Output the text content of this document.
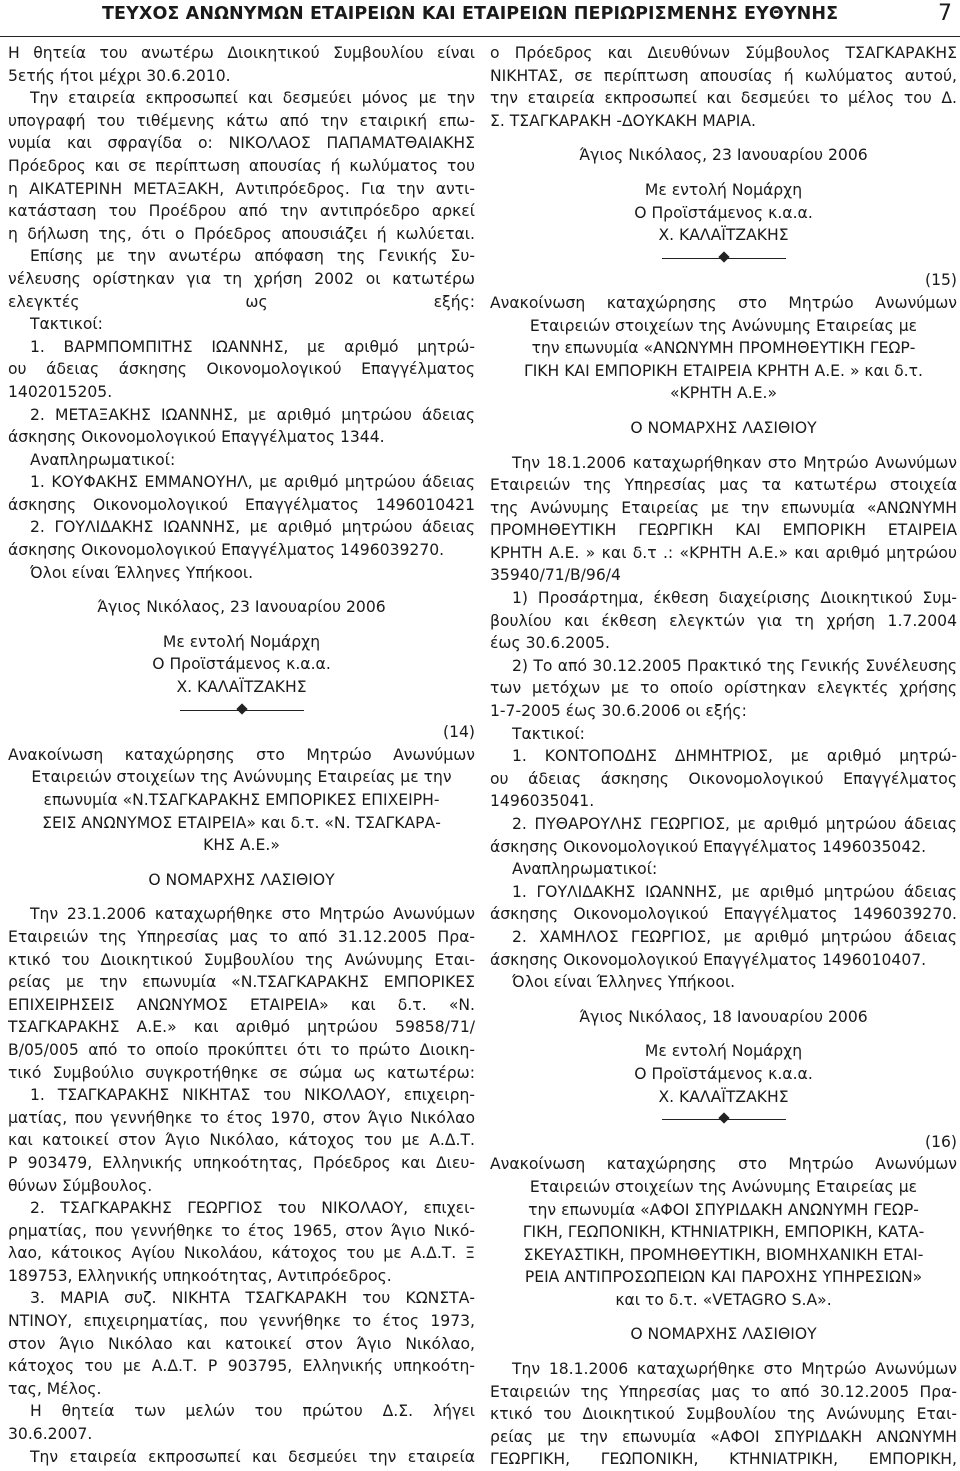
ΤΕΥΧΟΣ ΑΝΩΝΥΜΩΝ ΕΤΑΙΡΕΙΩΝ ΚΑΙ ΕΤΑΙΡΕΙΩΝ ΠΕΡΙΩΡΙΣΜΕΝΗΣ ΕΥΘΥΝΗΣ	7
Η θητεία του ανωτέρω Διοικητικού Συμβουλίου είναι
5ετής ήτοι μέχρι 30.6.2010.
Την εταιρεία εκπροσωπεί και δεσμεύει μόνος με την
υπογραφή του τιθέμενης κάτω από την εταιρική επω-
νυμία και σφραγίδα ο: ΝΙΚΟΛΑΟΣ ΠΑΠΑΜΑΤΘΑΙΑΚΗΣ
Πρόεδρος και σε περίπτωση απουσίας ή κωλύματος του
η ΑΙΚΑΤΕΡΙΝΗ ΜΕΤΑΞΑΚΗ, Αντιπρόεδρος. Για την αντι-
κατάσταση του Προέδρου από την αντιπρόεδρο αρκεί
η δήλωση της, ότι ο Πρόεδρος απουσιάζει ή κωλύεται.
Επίσης με την ανωτέρω απόφαση της Γενικής Συ-
νέλευσης ορίστηκαν για τη χρήση 2002 οι κατωτέρω
ελεγκτές ως εξής:
Τακτικοί:
1. ΒΑΡΜΠΟΜΠΙΤΗΣ ΙΩΑΝΝΗΣ, με αριθμό μητρώ-
ου άδειας άσκησης Οικονομολογικού Επαγγέλματος
1402015205.
2. ΜΕΤΑΞΑΚΗΣ ΙΩΑΝΝΗΣ, με αριθμό μητρώου άδειας
άσκησης Οικονομολογικού Επαγγέλματος 1344.
Αναπληρωματικοί:
1. ΚΟΥΦΑΚΗΣ ΕΜΜΑΝΟΥΗΛ, με αριθμό μητρώου άδειας
άσκησης Οικονομολογικού Επαγγέλματος 1496010421
2. ΓΟΥΛΙΔΑΚΗΣ ΙΩΑΝΝΗΣ, με αριθμό μητρώου άδειας
άσκησης Οικονομολογικού Επαγγέλματος 1496039270.
Όλοι είναι Έλληνες Υπήκοοι.
Άγιος Νικόλαος, 23 Ιανουαρίου 2006
Με εντολή Νομάρχη
Ο Προϊστάμενος κ.α.α.
Χ. ΚΑΛΑΪΤΖΑΚΗΣ
(14)
Ανακοίνωση καταχώρησης στο Μητρώο Ανωνύμων
Εταιρειών στοιχείων της Ανώνυμης Εταιρείας με την
επωνυμία «Ν.ΤΣΑΓΚΑΡΑΚΗΣ ΕΜΠΟΡΙΚΕΣ ΕΠΙΧΕΙΡΗ-
ΣΕΙΣ ΑΝΩΝΥΜΟΣ ΕΤΑΙΡΕΙΑ» και δ.τ. «Ν. ΤΣΑΓΚΑΡΑ-
ΚΗΣ Α.Ε.»
Ο ΝΟΜΑΡΧΗΣ ΛΑΣΙΘΙΟΥ
Την 23.1.2006 καταχωρήθηκε στο Μητρώο Ανωνύμων
Εταιρειών της Υπηρεσίας μας το από 31.12.2005 Πρα-
κτικό του Διοικητικού Συμβουλίου της Ανώνυμης Εται-
ρείας με την επωνυμία «Ν.ΤΣΑΓΚΑΡΑΚΗΣ ΕΜΠΟΡΙΚΕΣ
ΕΠΙΧΕΙΡΗΣΕΙΣ ΑΝΩΝΥΜΟΣ ΕΤΑΙΡΕΙΑ» και δ.τ. «Ν.
ΤΣΑΓΚΑΡΑΚΗΣ Α.Ε.» και αριθμό μητρώου 59858/71/
Β/05/005 από το οποίο προκύπτει ότι το πρώτο Διοικη-
τικό Συμβούλιο συγκροτήθηκε σε σώμα ως κατωτέρω:
1. ΤΣΑΓΚΑΡΑΚΗΣ ΝΙΚΗΤΑΣ του ΝΙΚΟΛΑΟΥ, επιχειρη-
ματίας, που γεννήθηκε το έτος 1970, στον Άγιο Νικόλαο
και κατοικεί στον Άγιο Νικόλαο, κάτοχος του με Α.Δ.Τ.
Ρ 903479, Ελληνικής υπηκοότητας, Πρόεδρος και Διευ-
θύνων Σύμβουλος.
2. ΤΣΑΓΚΑΡΑΚΗΣ ΓΕΩΡΓΙΟΣ του ΝΙΚΟΛΑΟΥ, επιχει-
ρηματίας, που γεννήθηκε το έτος 1965, στον Άγιο Νικό-
λαο, κάτοικος Αγίου Νικολάου, κάτοχος του με Α.Δ.Τ. Ξ
189753, Ελληνικής υπηκοότητας, Αντιπρόεδρος.
3. ΜΑΡΙΑ συζ. ΝΙΚΗΤΑ ΤΣΑΓΚΑΡΑΚΗ του ΚΩΝΣΤΑ-
ΝΤΙΝΟΥ, επιχειρηματίας, που γεννήθηκε το έτος 1973,
στον Άγιο Νικόλαο και κατοικεί στον Άγιο Νικόλαο,
κάτοχος του με Α.Δ.Τ. Ρ 903795, Ελληνικής υπηκοότη-
τας, Μέλος.
Η θητεία των μελών του πρώτου Δ.Σ. λήγει
30.6.2007.
Την εταιρεία εκπροσωπεί και δεσμεύει την εταιρεία
ο Πρόεδρος και Διευθύνων Σύμβουλος ΤΣΑΓΚΑΡΑΚΗΣ
ΝΙΚΗΤΑΣ, σε περίπτωση απουσίας ή κωλύματος αυτού,
την εταιρεία εκπροσωπεί και δεσμεύει το μέλος του Δ.
Σ. ΤΣΑΓΚΑΡΑΚΗ -ΔΟΥΚΑΚΗ ΜΑΡΙΑ.
Άγιος Νικόλαος, 23 Ιανουαρίου 2006
Με εντολή Νομάρχη
Ο Προϊστάμενος κ.α.α.
Χ. ΚΑΛΑΪΤΖΑΚΗΣ
(15)
Ανακοίνωση καταχώρησης στο Μητρώο Ανωνύμων
Εταιρειών στοιχείων της Ανώνυμης Εταιρείας με
την επωνυμία «ΑΝΩΝΥΜΗ ΠΡΟΜΗΘΕΥΤΙΚΗ ΓΕΩΡ-
ΓΙΚΗ ΚΑΙ ΕΜΠΟΡΙΚΗ ΕΤΑΙΡΕΙΑ ΚΡΗΤΗ Α.Ε. » και δ.τ.
«ΚΡΗΤΗ Α.Ε.»
Ο ΝΟΜΑΡΧΗΣ ΛΑΣΙΘΙΟΥ
Την 18.1.2006 καταχωρήθηκαν στο Μητρώο Ανωνύμων
Εταιρειών της Υπηρεσίας μας τα κατωτέρω στοιχεία
της Ανώνυμης Εταιρείας με την επωνυμία «ΑΝΩΝΥΜΗ
ΠΡΟΜΗΘΕΥΤΙΚΗ ΓΕΩΡΓΙΚΗ ΚΑΙ ΕΜΠΟΡΙΚΗ ΕΤΑΙΡΕΙΑ
ΚΡΗΤΗ Α.Ε. » και δ.τ .: «ΚΡΗΤΗ Α.Ε.» και αριθμό μητρώου
35940/71/Β/96/4
1) Προσάρτημα, έκθεση διαχείρισης Διοικητικού Συμ-
βουλίου και έκθεση ελεγκτών για τη χρήση 1.7.2004
έως 30.6.2005.
2) Το από 30.12.2005 Πρακτικό της Γενικής Συνέλευσης
των μετόχων με το οποίο ορίστηκαν ελεγκτές χρήσης
1-7-2005 έως 30.6.2006 οι εξής:
Τακτικοί:
1. ΚΟΝΤΟΠΟΔΗΣ ΔΗΜΗΤΡΙΟΣ, με αριθμό μητρώ-
ου άδειας άσκησης Οικονομολογικού Επαγγέλματος
1496035041.
2. ΠΥΘΑΡΟΥΛΗΣ ΓΕΩΡΓΙΟΣ, με αριθμό μητρώου άδειας
άσκησης Οικονομολογικού Επαγγέλματος 1496035042.
Αναπληρωματικοί:
1. ΓΟΥΛΙΔΑΚΗΣ ΙΩΑΝΝΗΣ, με αριθμό μητρώου άδειας
άσκησης Οικονομολογικού Επαγγέλματος 1496039270.
2. ΧΑΜΗΛΟΣ ΓΕΩΡΓΙΟΣ, με αριθμό μητρώου άδειας
άσκησης Οικονομολογικού Επαγγέλματος 1496010407.
Όλοι είναι Έλληνες Υπήκοοι.
Άγιος Νικόλαος, 18 Ιανουαρίου 2006
Με εντολή Νομάρχη
Ο Προϊστάμενος κ.α.α.
Χ. ΚΑΛΑΪΤΖΑΚΗΣ
(16)
Ανακοίνωση καταχώρησης στο Μητρώο Ανωνύμων
Εταιρειών στοιχείων της Ανώνυμης Εταιρείας με
την επωνυμία «ΑΦΟΙ ΣΠΥΡΙΔΑΚΗ ΑΝΩΝΥΜΗ ΓΕΩΡ-
ΓΙΚΗ, ΓΕΩΠΟΝΙΚΗ, ΚΤΗΝΙΑΤΡΙΚΗ, ΕΜΠΟΡΙΚΗ, ΚΑΤΑ-
ΣΚΕΥΑΣΤΙΚΗ, ΠΡΟΜΗΘΕΥΤΙΚΗ, ΒΙΟΜΗΧΑΝΙΚΗ ΕΤΑΙ-
ΡΕΙΑ ΑΝΤΙΠΡΟΣΩΠΕΙΩΝ ΚΑΙ ΠΑΡΟΧΗΣ ΥΠΗΡΕΣΙΩΝ»
και το δ.τ. «VETAGRO S.A».
Ο ΝΟΜΑΡΧΗΣ ΛΑΣΙΘΙΟΥ
Την 18.1.2006 καταχωρήθηκε στο Μητρώο Ανωνύμων
Εταιρειών της Υπηρεσίας μας το από 30.12.2005 Πρα-
κτικό του Διοικητικού Συμβουλίου της Ανώνυμης Εται-
ρείας με την επωνυμία «ΑΦΟΙ ΣΠΥΡΙΔΑΚΗ ΑΝΩΝΥΜΗ
ΓΕΩΡΓΙΚΗ, ΓΕΩΠΟΝΙΚΗ, ΚΤΗΝΙΑΤΡΙΚΗ, ΕΜΠΟΡΙΚΗ,
